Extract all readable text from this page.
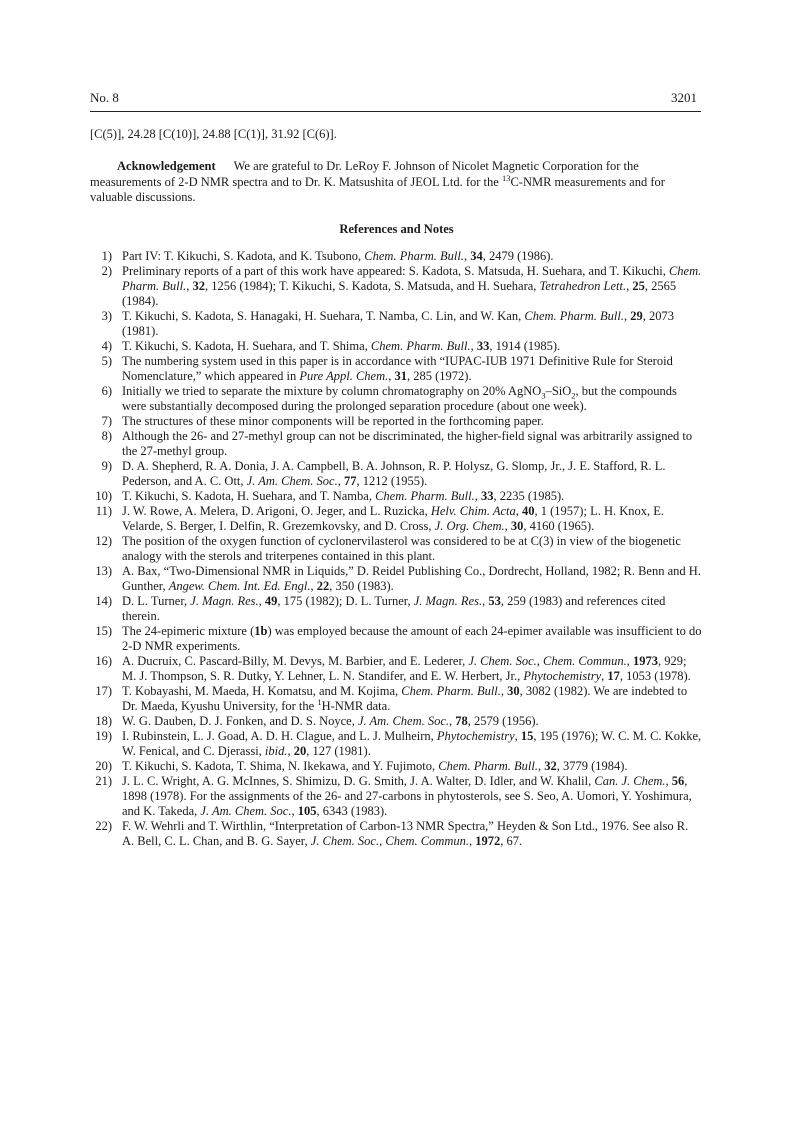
No. 8	3201
[C(5)], 24.28 [C(10)], 24.88 [C(1)], 31.92 [C(6)].

Acknowledgement We are grateful to Dr. LeRoy F. Johnson of Nicolet Magnetic Corporation for the measurements of 2-D NMR spectra and to Dr. K. Matsushita of JEOL Ltd. for the $^{13}$C-NMR measurements and for valuable discussions.

References and Notes
1) Part IV: T. Kikuchi, S. Kadota, and K. Tsubono, Chem. Pharm. Bull., 34, 2479 (1986).
2) Preliminary reports of a part of this work have appeared: S. Kadota, S. Matsuda, H. Suehara, and T. Kikuchi, Chem. Pharm. Bull., 32, 1256 (1984); T. Kikuchi, S. Kadota, S. Matsuda, and H. Suehara, Tetrahedron Lett., 25, 2565 (1984).
3) T. Kikuchi, S. Kadota, S. Hanagaki, H. Suehara, T. Namba, C. Lin, and W. Kan, Chem. Pharm. Bull., 29, 2073 (1981).
4) T. Kikuchi, S. Kadota, H. Suehara, and T. Shima, Chem. Pharm. Bull., 33, 1914 (1985).
5) The numbering system used in this paper is in accordance with “IUPAC-IUB 1971 Definitive Rule for Steroid Nomenclature,” which appeared in Pure Appl. Chem., 31, 285 (1972).
6) Initially we tried to separate the mixture by column chromatography on 20% AgNO$_3$–SiO$_2$, but the compounds were substantially decomposed during the prolonged separation procedure (about one week).
7) The structures of these minor components will be reported in the forthcoming paper.
8) Although the 26- and 27-methyl group can not be discriminated, the higher-field signal was arbitrarily assigned to the 27-methyl group.
9) D. A. Shepherd, R. A. Donia, J. A. Campbell, B. A. Johnson, R. P. Holysz, G. Slomp, Jr., J. E. Stafford, R. L. Pederson, and A. C. Ott, J. Am. Chem. Soc., 77, 1212 (1955).
10) T. Kikuchi, S. Kadota, H. Suehara, and T. Namba, Chem. Pharm. Bull., 33, 2235 (1985).
11) J. W. Rowe, A. Melera, D. Arigoni, O. Jeger, and L. Ruzicka, Helv. Chim. Acta, 40, 1 (1957); L. H. Knox, E. Velarde, S. Berger, I. Delfin, R. Grezemkovsky, and D. Cross, J. Org. Chem., 30, 4160 (1965).
12) The position of the oxygen function of cyclonervilasterol was considered to be at C(3) in view of the biogenetic analogy with the sterols and triterpenes contained in this plant.
13) A. Bax, “Two-Dimensional NMR in Liquids,” D. Reidel Publishing Co., Dordrecht, Holland, 1982; R. Benn and H. Gunther, Angew. Chem. Int. Ed. Engl., 22, 350 (1983).
14) D. L. Turner, J. Magn. Res., 49, 175 (1982); D. L. Turner, J. Magn. Res., 53, 259 (1983) and references cited therein.
15) The 24-epimeric mixture (1b) was employed because the amount of each 24-epimer available was insufficient to do 2-D NMR experiments.
16) A. Ducruix, C. Pascard-Billy, M. Devys, M. Barbier, and E. Lederer, J. Chem. Soc., Chem. Commun., 1973, 929; M. J. Thompson, S. R. Dutky, Y. Lehner, L. N. Standifer, and E. W. Herbert, Jr., Phytochemistry, 17, 1053 (1978).
17) T. Kobayashi, M. Maeda, H. Komatsu, and M. Kojima, Chem. Pharm. Bull., 30, 3082 (1982). We are indebted to Dr. Maeda, Kyushu University, for the $^1$H-NMR data.
18) W. G. Dauben, D. J. Fonken, and D. S. Noyce, J. Am. Chem. Soc., 78, 2579 (1956).
19) I. Rubinstein, L. J. Goad, A. D. H. Clague, and L. J. Mulheirn, Phytochemistry, 15, 195 (1976); W. C. M. C. Kokke, W. Fenical, and C. Djerassi, ibid., 20, 127 (1981).
20) T. Kikuchi, S. Kadota, T. Shima, N. Ikekawa, and Y. Fujimoto, Chem. Pharm. Bull., 32, 3779 (1984).
21) J. L. C. Wright, A. G. McInnes, S. Shimizu, D. G. Smith, J. A. Walter, D. Idler, and W. Khalil, Can. J. Chem., 56, 1898 (1978). For the assignments of the 26- and 27-carbons in phytosterols, see S. Seo, A. Uomori, Y. Yoshimura, and K. Takeda, J. Am. Chem. Soc., 105, 6343 (1983).
22) F. W. Wehrli and T. Wirthlin, “Interpretation of Carbon-13 NMR Spectra,” Heyden & Son Ltd., 1976. See also R. A. Bell, C. L. Chan, and B. G. Sayer, J. Chem. Soc., Chem. Commun., 1972, 67.
